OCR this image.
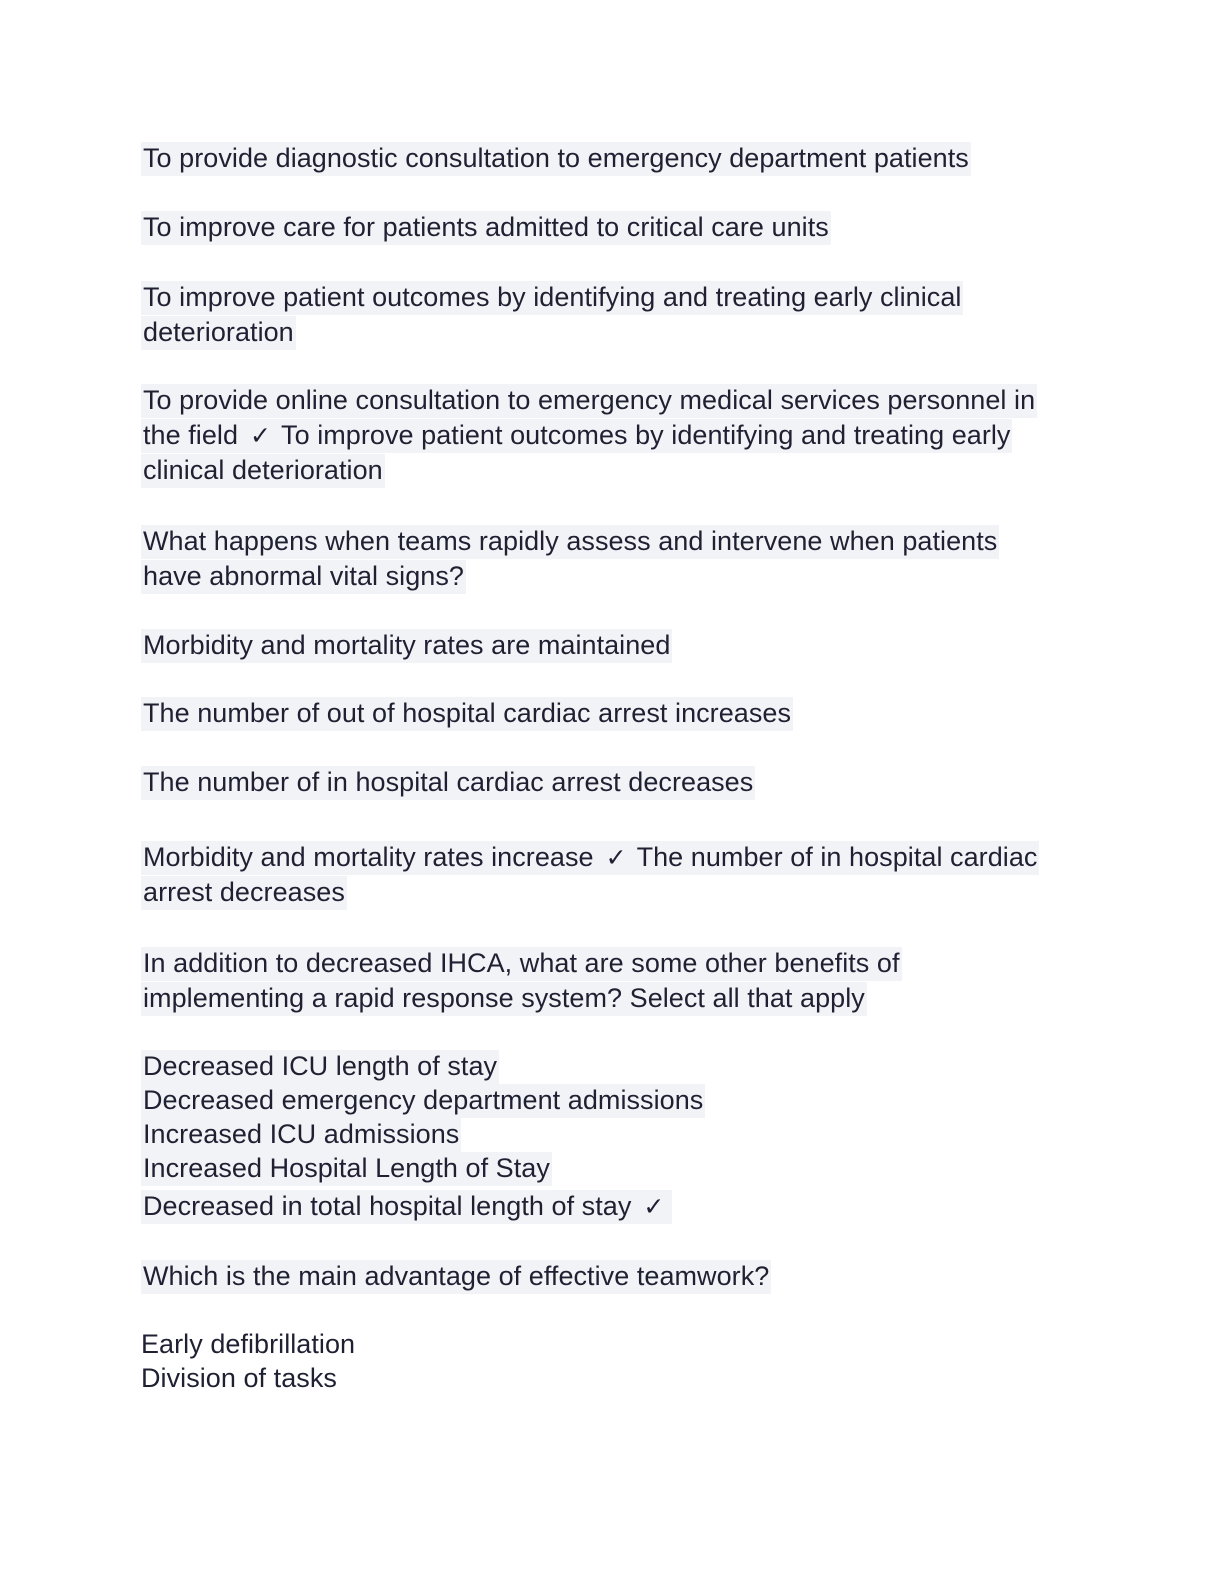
To provide diagnostic consultation to emergency department patients
To improve care for patients admitted to critical care units
To improve patient outcomes by identifying and treating early clinical deterioration
To provide online consultation to emergency medical services personnel in the field ✓ To improve patient outcomes by identifying and treating early clinical deterioration
What happens when teams rapidly assess and intervene when patients have abnormal vital signs?
Morbidity and mortality rates are maintained
The number of out of hospital cardiac arrest increases
The number of in hospital cardiac arrest decreases
Morbidity and mortality rates increase ✓ The number of in hospital cardiac arrest decreases
In addition to decreased IHCA, what are some other benefits of implementing a rapid response system? Select all that apply
Decreased ICU length of stay
Decreased emergency department admissions
Increased ICU admissions
Increased Hospital Length of Stay
Decreased in total hospital length of stay ✓
Which is the main advantage of effective teamwork?
Early defibrillation
Division of tasks
